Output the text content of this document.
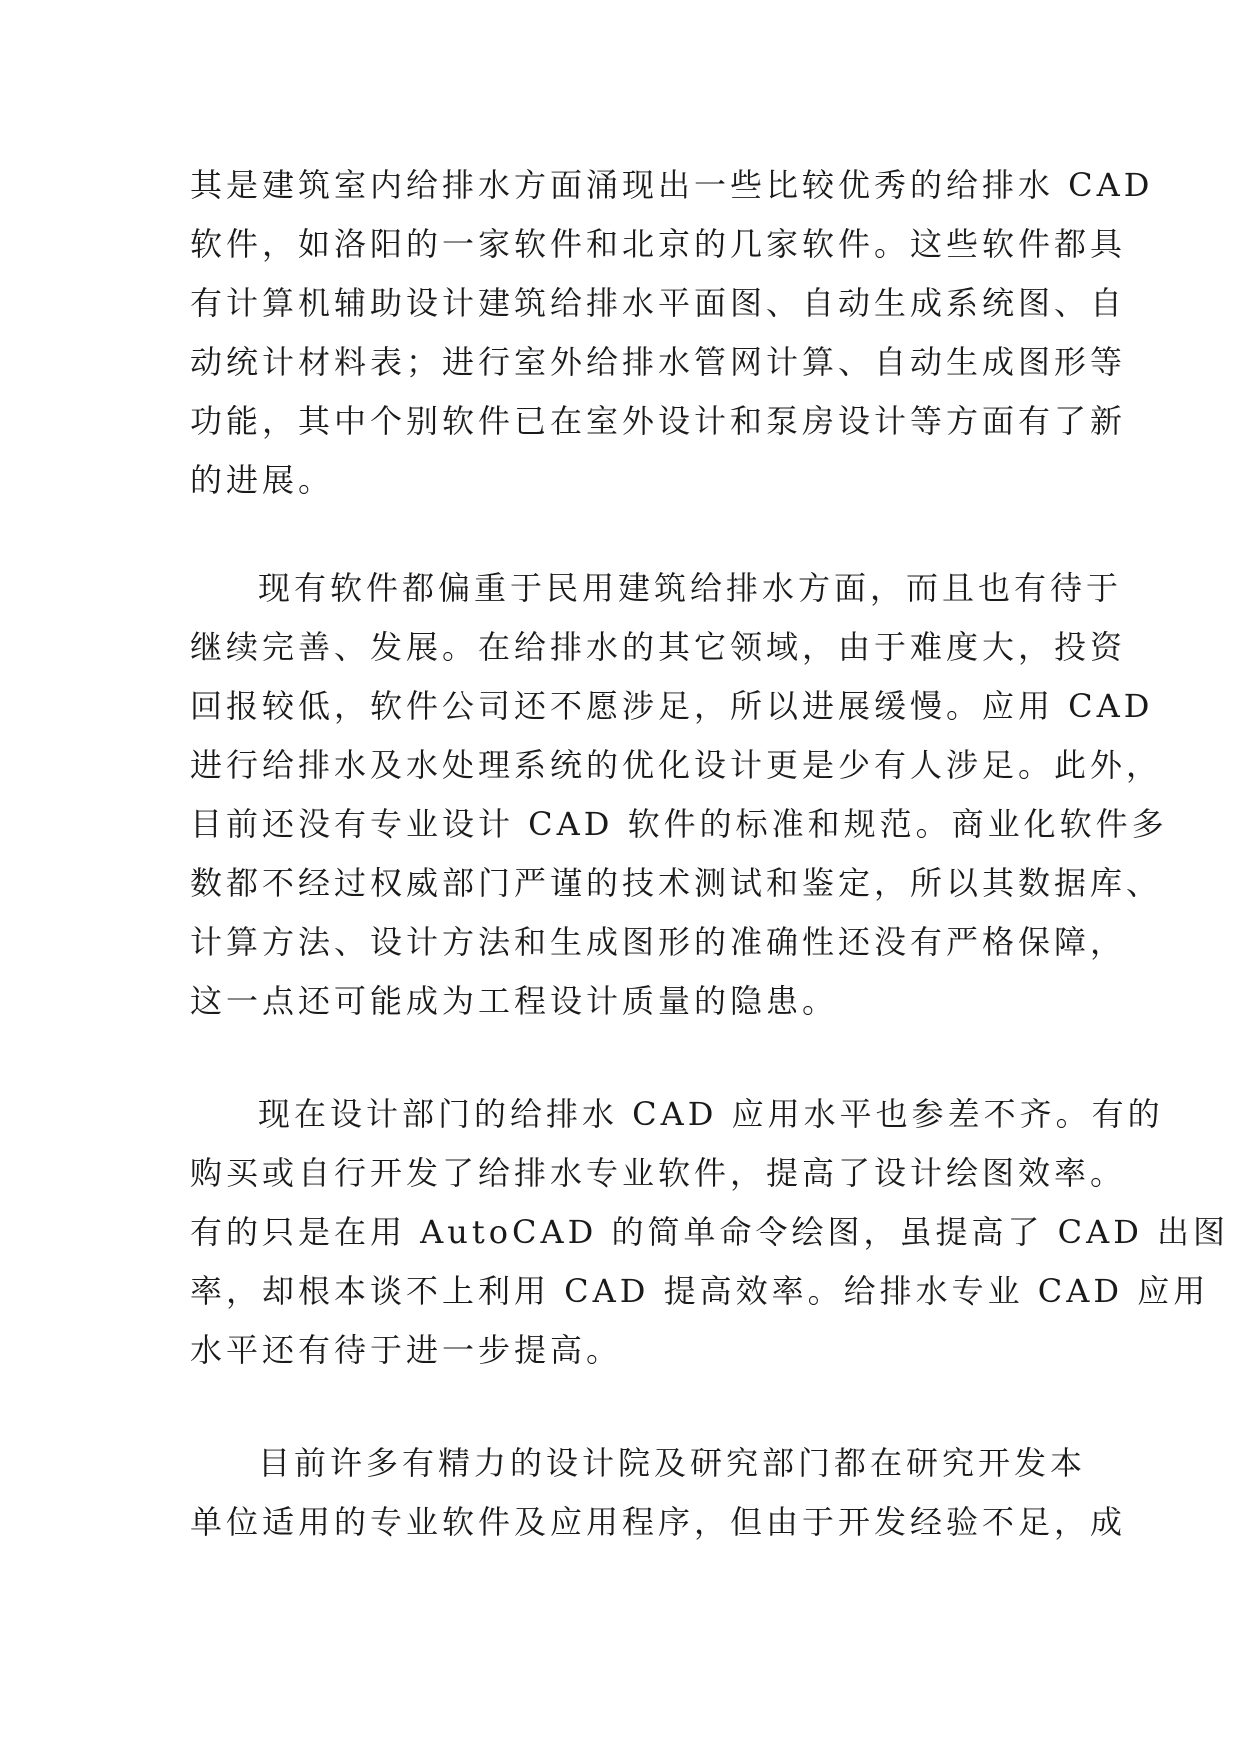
其是建筑室内给排水方面涌现出一些比较优秀的给排水 CAD
软件，如洛阳的一家软件和北京的几家软件。这些软件都具
有计算机辅助设计建筑给排水平面图、自动生成系统图、自
动统计材料表；进行室外给排水管网计算、自动生成图形等
功能，其中个别软件已在室外设计和泵房设计等方面有了新
的进展。
现有软件都偏重于民用建筑给排水方面，而且也有待于
继续完善、发展。在给排水的其它领域，由于难度大，投资
回报较低，软件公司还不愿涉足，所以进展缓慢。应用 CAD
进行给排水及水处理系统的优化设计更是少有人涉足。此外，
目前还没有专业设计 CAD 软件的标准和规范。商业化软件多
数都不经过权威部门严谨的技术测试和鉴定，所以其数据库、
计算方法、设计方法和生成图形的准确性还没有严格保障，
这一点还可能成为工程设计质量的隐患。
现在设计部门的给排水 CAD 应用水平也参差不齐。有的
购买或自行开发了给排水专业软件，提高了设计绘图效率。
有的只是在用 AutoCAD 的简单命令绘图，虽提高了 CAD 出图
率，却根本谈不上利用 CAD 提高效率。给排水专业 CAD 应用
水平还有待于进一步提高。
目前许多有精力的设计院及研究部门都在研究开发本
单位适用的专业软件及应用程序，但由于开发经验不足，成
